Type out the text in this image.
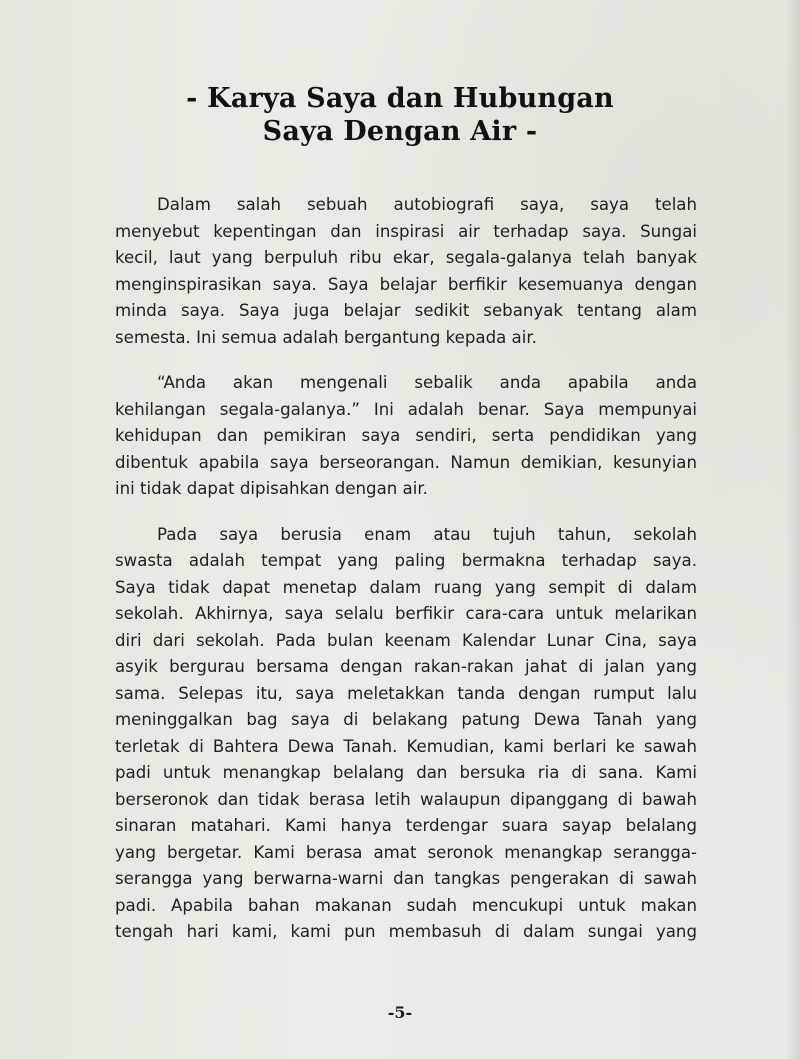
- Karya Saya dan Hubungan
Saya Dengan Air -

Dalam salah sebuah autobiografi saya, saya telah
menyebut kepentingan dan inspirasi air terhadap saya. Sungai
kecil, laut yang berpuluh ribu ekar, segala-galanya telah banyak
menginspirasikan saya. Saya belajar berfikir kesemuanya dengan
minda saya. Saya juga belajar sedikit sebanyak tentang alam
semesta. Ini semua adalah bergantung kepada air.

“Anda akan mengenali sebalik anda apabila anda
kehilangan segala-galanya.” Ini adalah benar. Saya mempunyai
kehidupan dan pemikiran saya sendiri, serta pendidikan yang
dibentuk apabila saya berseorangan. Namun demikian, kesunyian
ini tidak dapat dipisahkan dengan air.

Pada saya berusia enam atau tujuh tahun, sekolah
swasta adalah tempat yang paling bermakna terhadap saya.
Saya tidak dapat menetap dalam ruang yang sempit di dalam
sekolah. Akhirnya, saya selalu berfikir cara-cara untuk melarikan
diri dari sekolah. Pada bulan keenam Kalendar Lunar Cina, saya
asyik bergurau bersama dengan rakan-rakan jahat di jalan yang
sama. Selepas itu, saya meletakkan tanda dengan rumput lalu
meninggalkan bag saya di belakang patung Dewa Tanah yang
terletak di Bahtera Dewa Tanah. Kemudian, kami berlari ke sawah
padi untuk menangkap belalang dan bersuka ria di sana. Kami
berseronok dan tidak berasa letih walaupun dipanggang di bawah
sinaran matahari. Kami hanya terdengar suara sayap belalang
yang bergetar. Kami berasa amat seronok menangkap serangga-
serangga yang berwarna-warni dan tangkas pengerakan di sawah
padi. Apabila bahan makanan sudah mencukupi untuk makan
tengah hari kami, kami pun membasuh di dalam sungai yang

-5-
